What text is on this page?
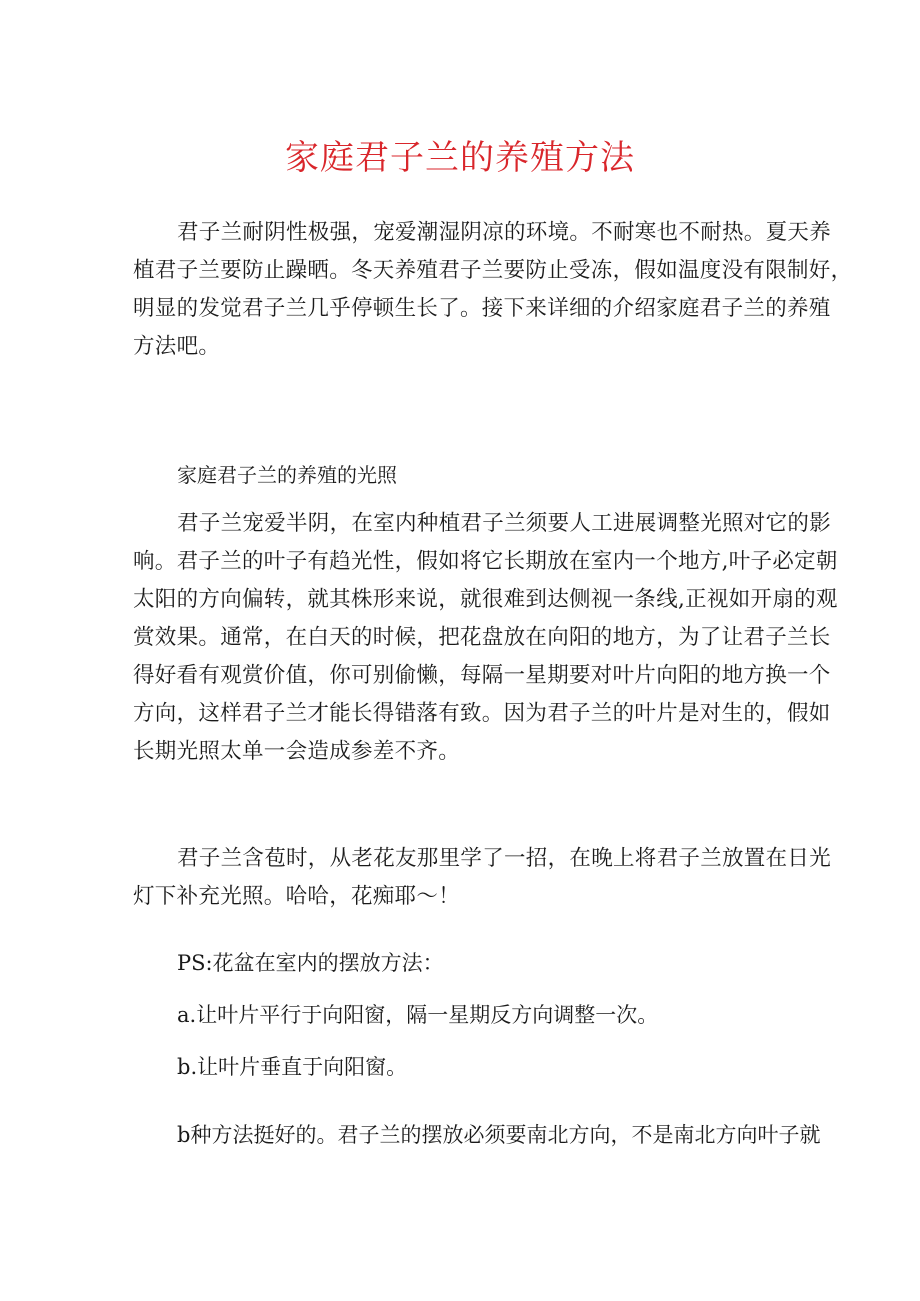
家庭君子兰的养殖方法
君子兰耐阴性极强，宠爱潮湿阴凉的环境。不耐寒也不耐热。夏天养
植君子兰要防止躁晒。冬天养殖君子兰要防止受冻，假如温度没有限制好，
明显的发觉君子兰几乎停顿生长了。接下来详细的介绍家庭君子兰的养殖
方法吧。

家庭君子兰的养殖的光照

君子兰宠爱半阴，在室内种植君子兰须要人工进展调整光照对它的影
响。君子兰的叶子有趋光性，假如将它长期放在室内一个地方,叶子必定朝
太阳的方向偏转，就其株形来说，就很难到达侧视一条线,正视如开扇的观
赏效果。通常，在白天的时候，把花盘放在向阳的地方，为了让君子兰长
得好看有观赏价值，你可别偷懒，每隔一星期要对叶片向阳的地方换一个
方向，这样君子兰才能长得错落有致。因为君子兰的叶片是对生的，假如
长期光照太单一会造成参差不齐。
君子兰含苞时，从老花友那里学了一招，在晚上将君子兰放置在日光
灯下补充光照。哈哈，花痴耶～！

PS:花盆在室内的摆放方法：

a.让叶片平行于向阳窗，隔一星期反方向调整一次。

b.让叶片垂直于向阳窗。

b种方法挺好的。君子兰的摆放必须要南北方向，不是南北方向叶子就
